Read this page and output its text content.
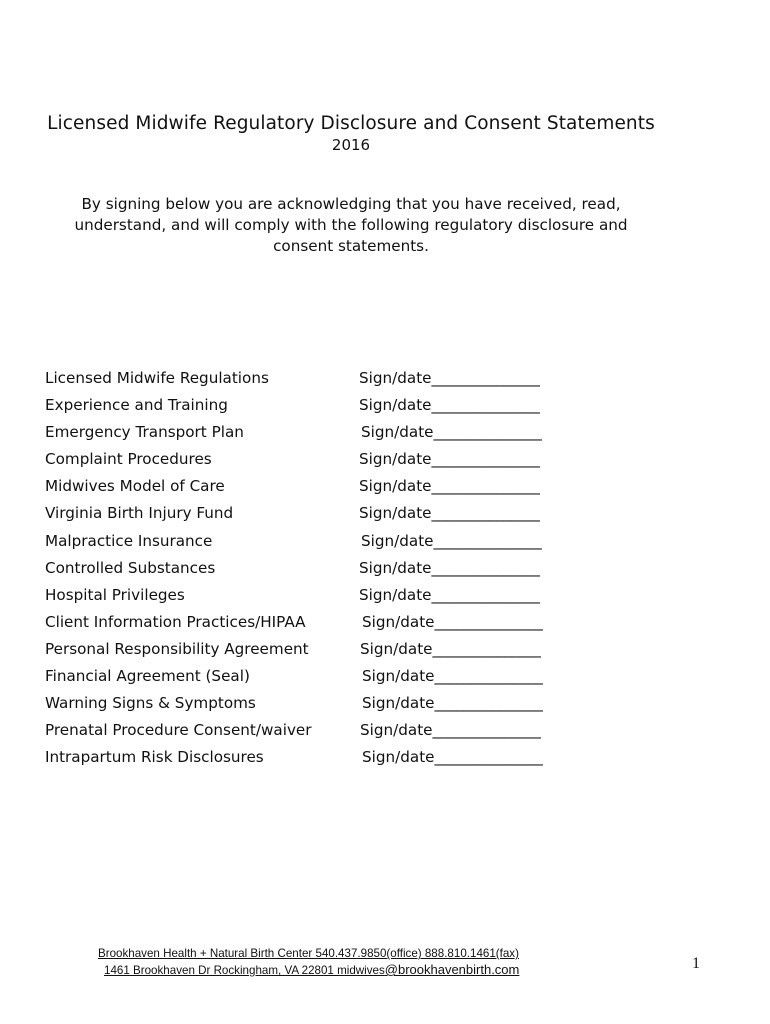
Licensed Midwife Regulatory Disclosure and Consent Statements
2016
By signing below you are acknowledging that you have received, read,
understand, and will comply with the following regulatory disclosure and
consent statements.
Licensed Midwife Regulations	Sign/date_______________
Experience and Training	Sign/date_______________
Emergency Transport Plan	Sign/date_______________
Complaint Procedures	Sign/date_______________
Midwives Model of Care	Sign/date_______________
Virginia Birth Injury Fund	Sign/date_______________
Malpractice Insurance	Sign/date_______________
Controlled Substances	Sign/date_______________
Hospital Privileges	Sign/date_______________
Client Information Practices/HIPAA	Sign/date_______________
Personal Responsibility Agreement	Sign/date_______________
Financial Agreement (Seal)	Sign/date_______________
Warning Signs & Symptoms	Sign/date_______________
Prenatal Procedure Consent/waiver	Sign/date_______________
Intrapartum Risk Disclosures	Sign/date_______________
Brookhaven Health + Natural Birth Center 540.437.9850(office) 888.810.1461(fax)
1461 Brookhaven Dr Rockingham, VA 22801 midwives@brookhavenbirth.com	1
